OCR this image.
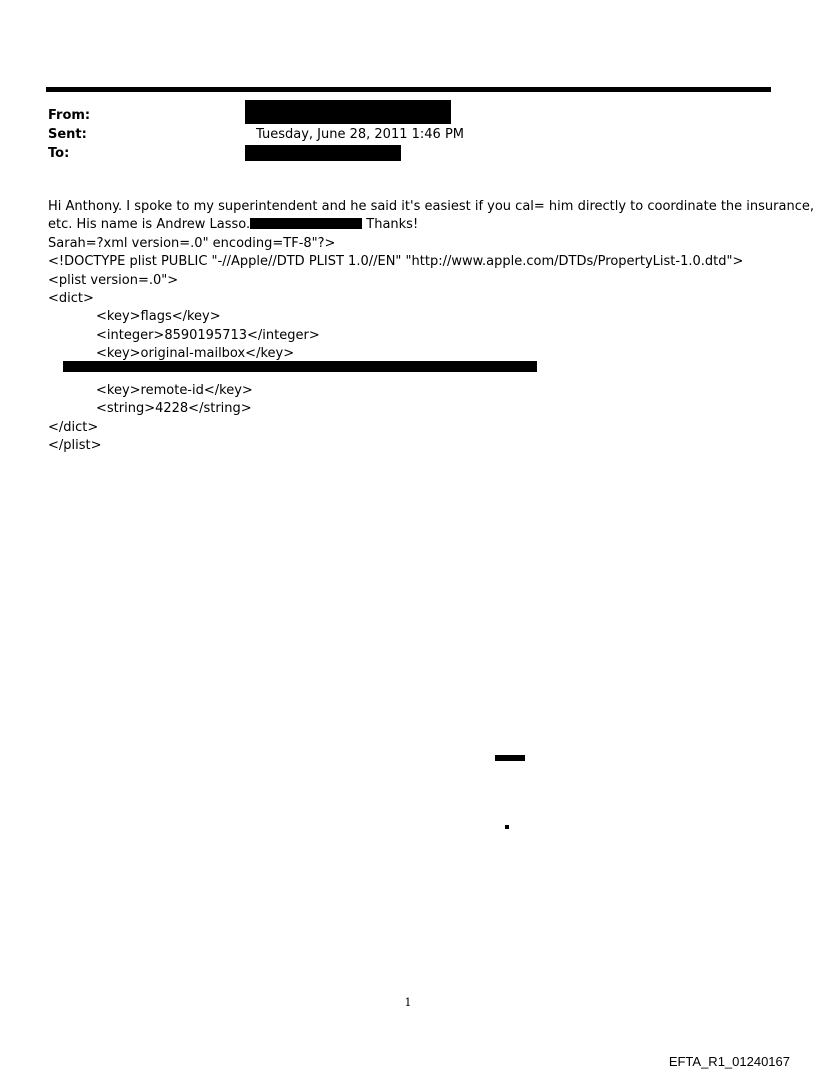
From:
Sent:	Tuesday, June 28, 2011 1:46 PM
To:
Hi Anthony. I spoke to my superintendent and he said it's easiest if you cal= him directly to coordinate the insurance,
etc. His name is Andrew Lasso.	Thanks!
Sarah=?xml version=.0" encoding=TF-8"?>
<!DOCTYPE plist PUBLIC "-//Apple//DTD PLIST 1.0//EN" "http://www.apple.com/DTDs/PropertyList-1.0.dtd">
<plist version=.0">
<dict>
<key>flags</key>
<integer>8590195713</integer>
<key>original-mailbox</key>
<key>remote-id</key>
<string>4228</string>
</dict>
</plist>
1
EFTA_R1_01240167
